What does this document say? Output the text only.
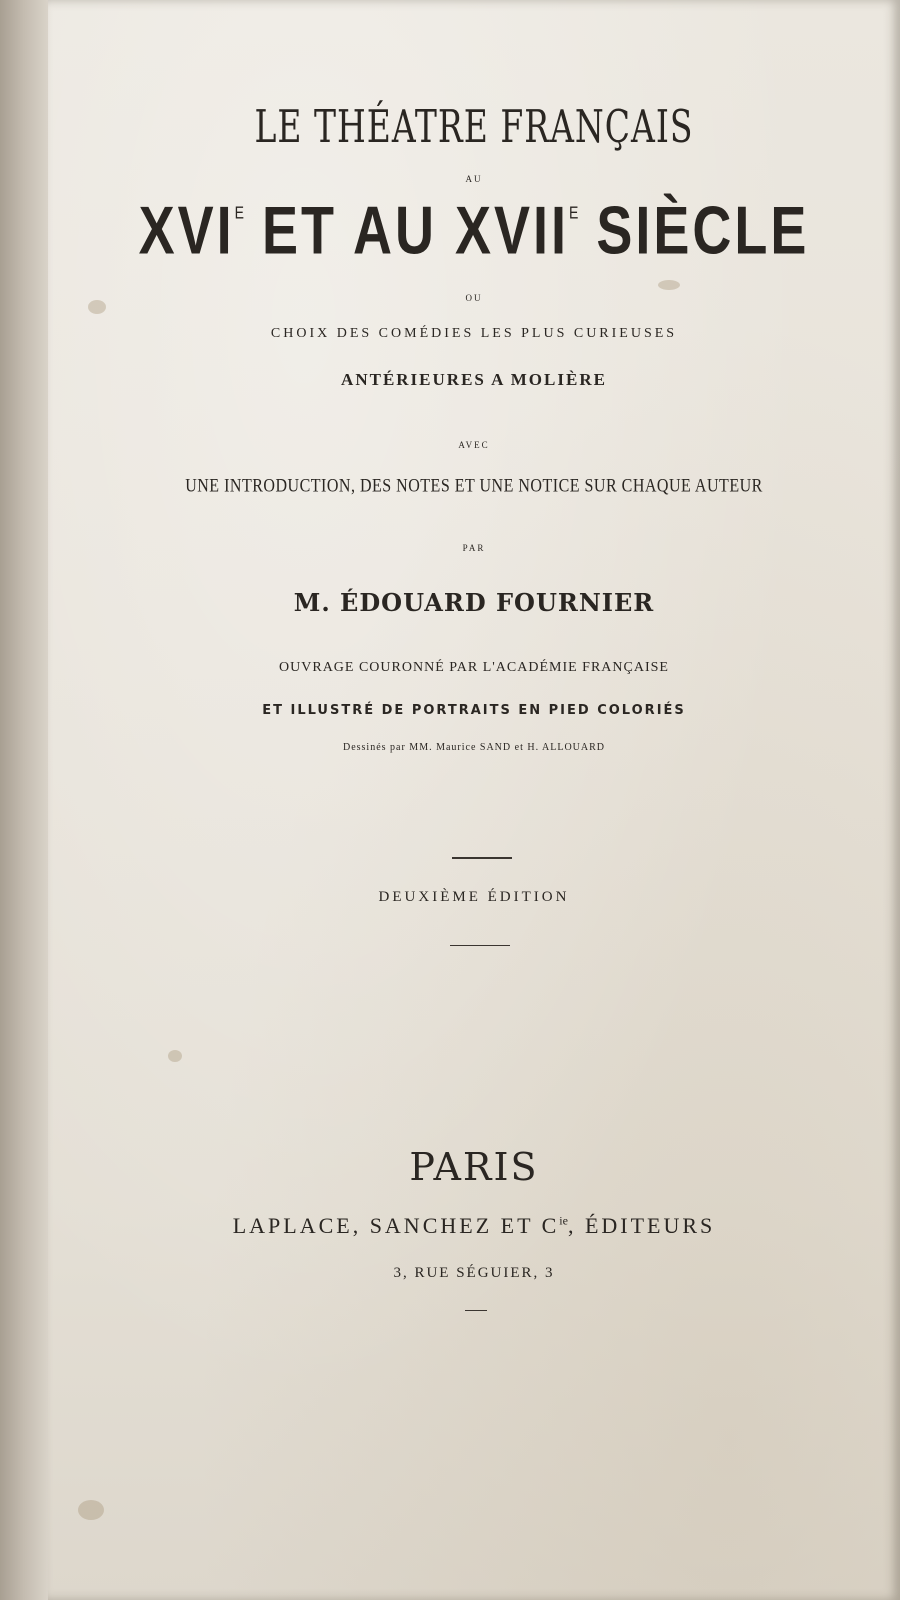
LE THÉATRE FRANÇAIS
AU
$XVI^E$ ET AU $XVII^E$ SIÈCLE
OU
CHOIX DES COMÉDIES LES PLUS CURIEUSES
ANTÉRIEURES A MOLIÈRE
AVEC
UNE INTRODUCTION, DES NOTES ET UNE NOTICE SUR CHAQUE AUTEUR
PAR
M. ÉDOUARD FOURNIER
OUVRAGE COURONNÉ PAR L'ACADÉMIE FRANÇAISE
ET ILLUSTRÉ DE PORTRAITS EN PIED COLORIÉS
Dessinés par MM. Maurice SAND et H. ALLOUARD
DEUXIÈME ÉDITION
PARIS
LAPLACE, SANCHEZ ET $C^{ie}$, ÉDITEURS
3, RUE SÉGUIER, 3
